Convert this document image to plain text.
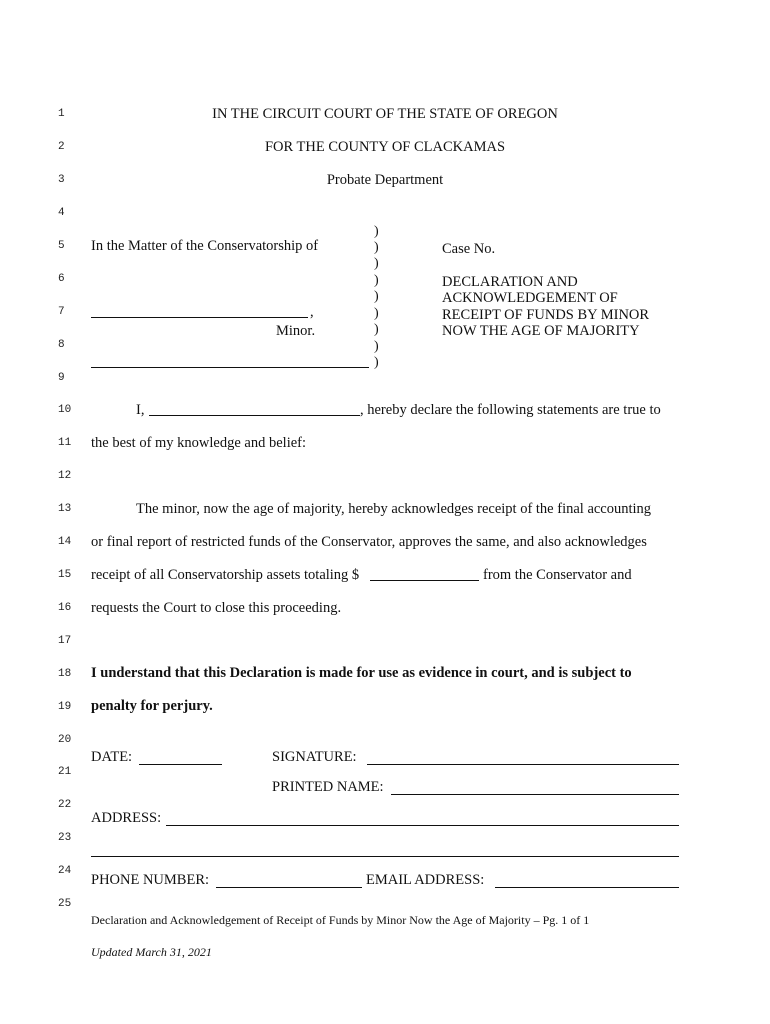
1
2
3
4
5
6
7
8
9
10
11
12
13
14
15
16
17
18
19
20
21
22
23
24
25
IN THE CIRCUIT COURT OF THE STATE OF OREGON
FOR THE COUNTY OF CLACKAMAS
Probate Department
In the Matter of the Conservatorship of
,
Minor.
)
)
)
)
)
)
)
)
)
Case No.
DECLARATION AND
ACKNOWLEDGEMENT OF
RECEIPT OF FUNDS BY MINOR
NOW THE AGE OF MAJORITY
I,	, hereby declare the following statements are true to
the best of my knowledge and belief:
The minor, now the age of majority, hereby acknowledges receipt of the final accounting
or final report of restricted funds of the Conservator, approves the same, and also acknowledges
receipt of all Conservatorship assets totaling $	from the Conservator and
requests the Court to close this proceeding.
I understand that this Declaration is made for use as evidence in court, and is subject to
penalty for perjury.
DATE:	SIGNATURE:
PRINTED NAME:
ADDRESS:
PHONE NUMBER:	EMAIL ADDRESS:
Declaration and Acknowledgement of Receipt of Funds by Minor Now the Age of Majority – Pg. 1 of 1
Updated March 31, 2021
